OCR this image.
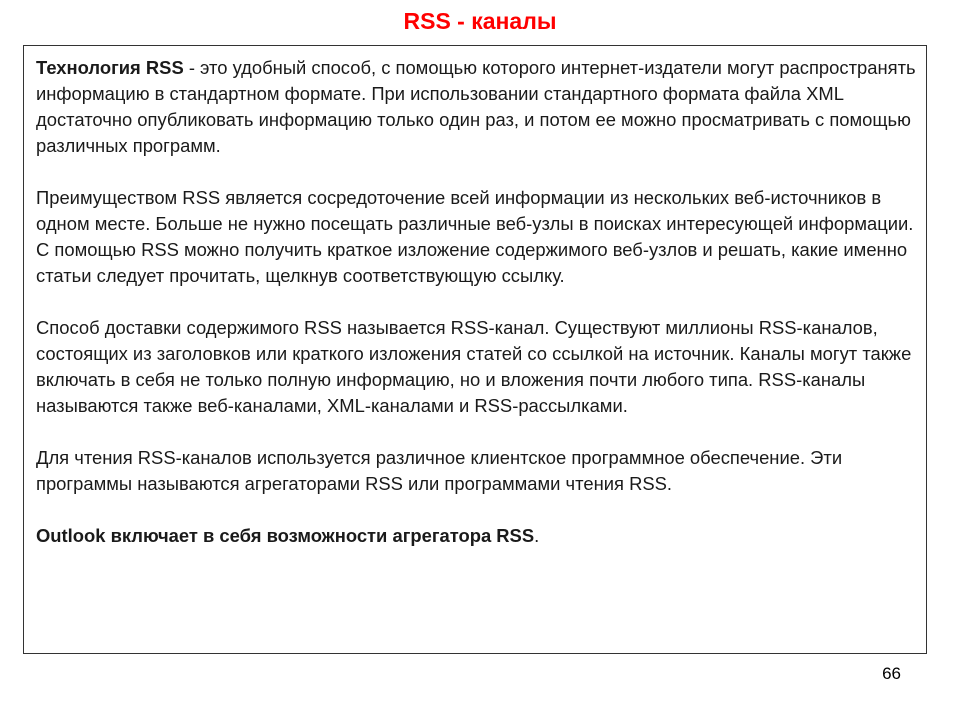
RSS - каналы

Технология RSS - это удобный способ, с помощью которого интернет-издатели могут распространять информацию в стандартном формате. При использовании стандартного формата файла XML достаточно опубликовать информацию только один раз, и потом ее можно просматривать с помощью различных программ.

Преимуществом RSS является сосредоточение всей информации из нескольких веб-источников в одном месте. Больше не нужно посещать различные веб-узлы в поисках интересующей информации. С помощью RSS можно получить краткое изложение содержимого веб-узлов и решать, какие именно статьи следует прочитать, щелкнув соответствующую ссылку.

Способ доставки содержимого RSS называется RSS-канал. Существуют миллионы RSS-каналов, состоящих из заголовков или краткого изложения статей со ссылкой на источник. Каналы могут также включать в себя не только полную информацию, но и вложения почти любого типа. RSS-каналы называются также веб-каналами, XML-каналами и RSS-рассылками.

Для чтения RSS-каналов используется различное клиентское программное обеспечение. Эти программы называются агрегаторами RSS или программами чтения RSS.

Outlook включает в себя возможности агрегатора RSS.

66
